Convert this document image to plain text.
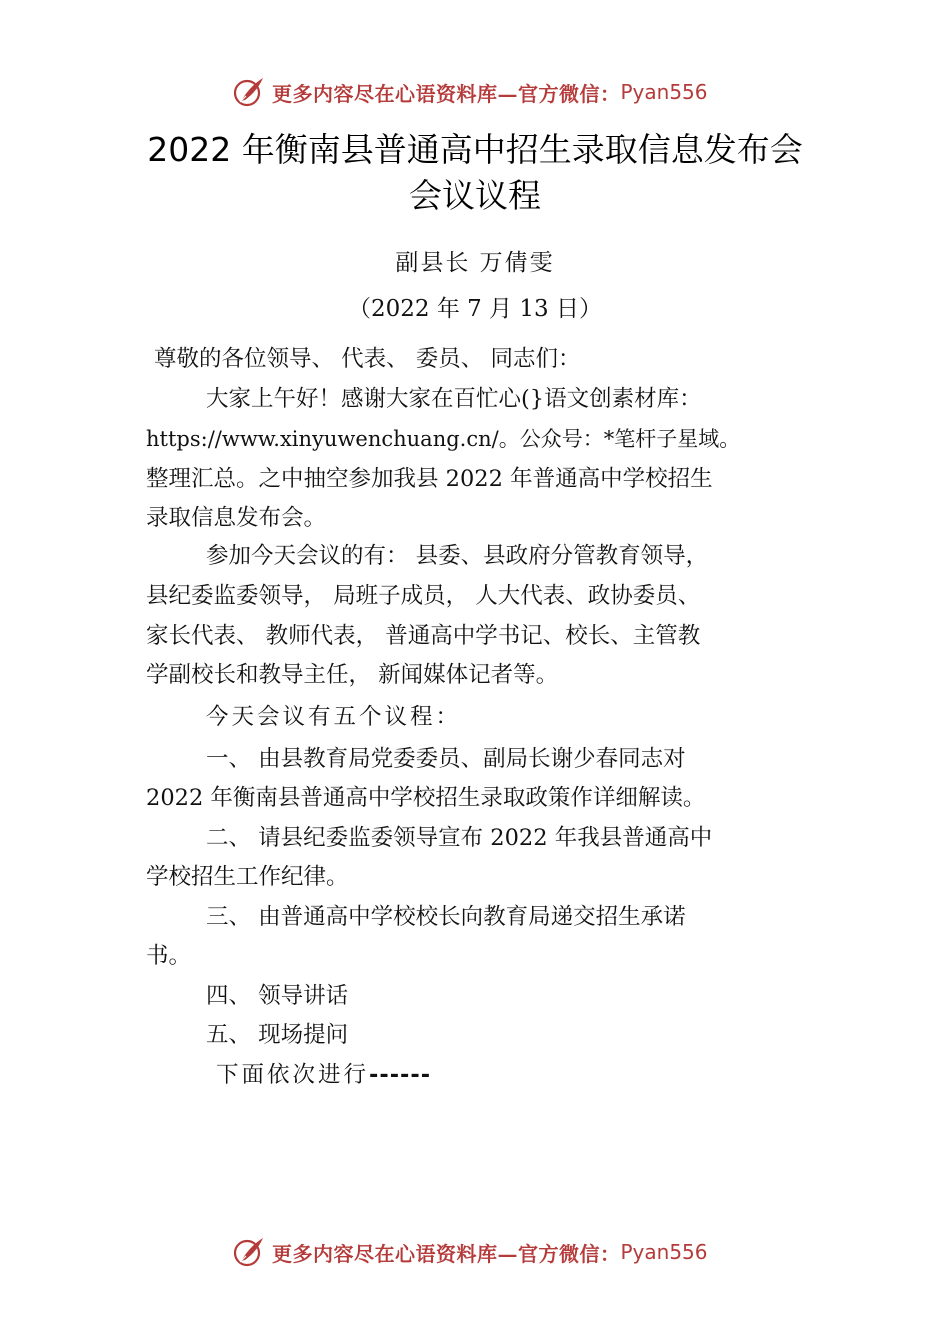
更多内容尽在心语资料库—官方微信： Pyan556
2022 年衡南县普通高中招生录取信息发布会
会议议程
副县长 万倩雯
（2022 年 7 月 13 日）
尊敬的各位领导、 代表、 委员、 同志们：
大家上午好！感谢大家在百忙心(}语文创素材库：
https://www.xinyuwenchuang.cn/。公众号：*笔杆子星域。
整理汇总。之中抽空参加我县 2022 年普通高中学校招生
录取信息发布会。
参加今天会议的有： 县委、县政府分管教育领导，
县纪委监委领导， 局班子成员， 人大代表、政协委员、
家长代表、 教师代表， 普通高中学书记、校长、主管教
学副校长和教导主任， 新闻媒体记者等。
今天会议有五个议程：
一、 由县教育局党委委员、副局长谢少春同志对
2022 年衡南县普通高中学校招生录取政策作详细解读。
二、 请县纪委监委领导宣布 2022 年我县普通高中
学校招生工作纪律。
三、 由普通高中学校校长向教育局递交招生承诺
书。
四、 领导讲话
五、 现场提问
下面依次进行------
更多内容尽在心语资料库—官方微信： Pyan556
